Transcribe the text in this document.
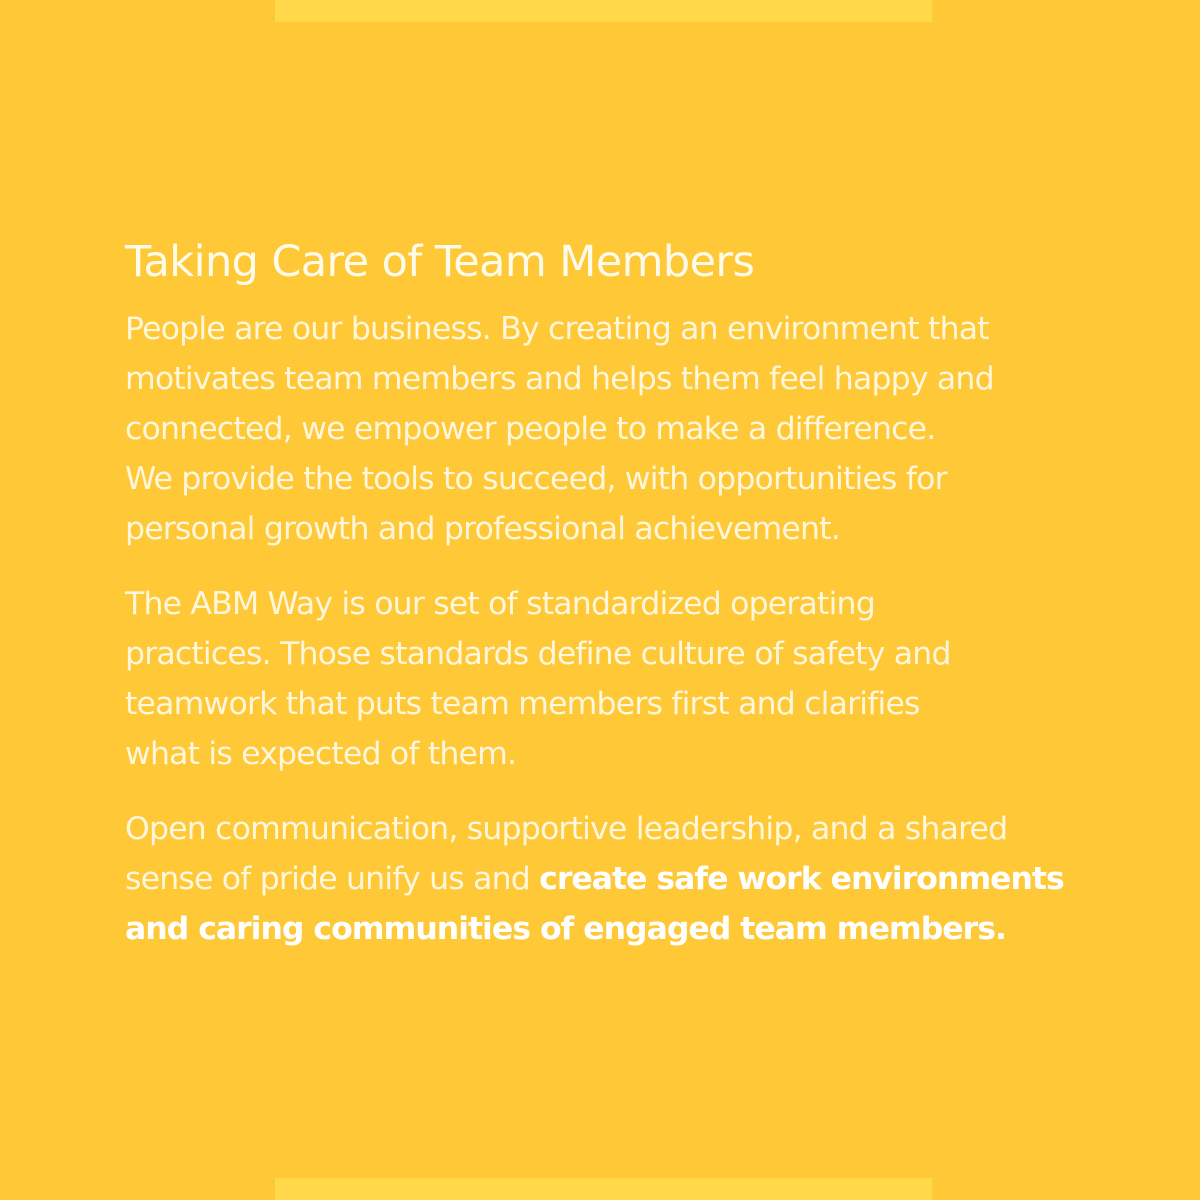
Taking Care of Team Members

People are our business. By creating an environment that
motivates team members and helps them feel happy and
connected, we empower people to make a difference.
We provide the tools to succeed, with opportunities for
personal growth and professional achievement.

The ABM Way is our set of standardized operating
practices. Those standards define culture of safety and
teamwork that puts team members first and clarifies
what is expected of them.

Open communication, supportive leadership, and a shared
sense of pride unify us and create safe work environments
and caring communities of engaged team members.
